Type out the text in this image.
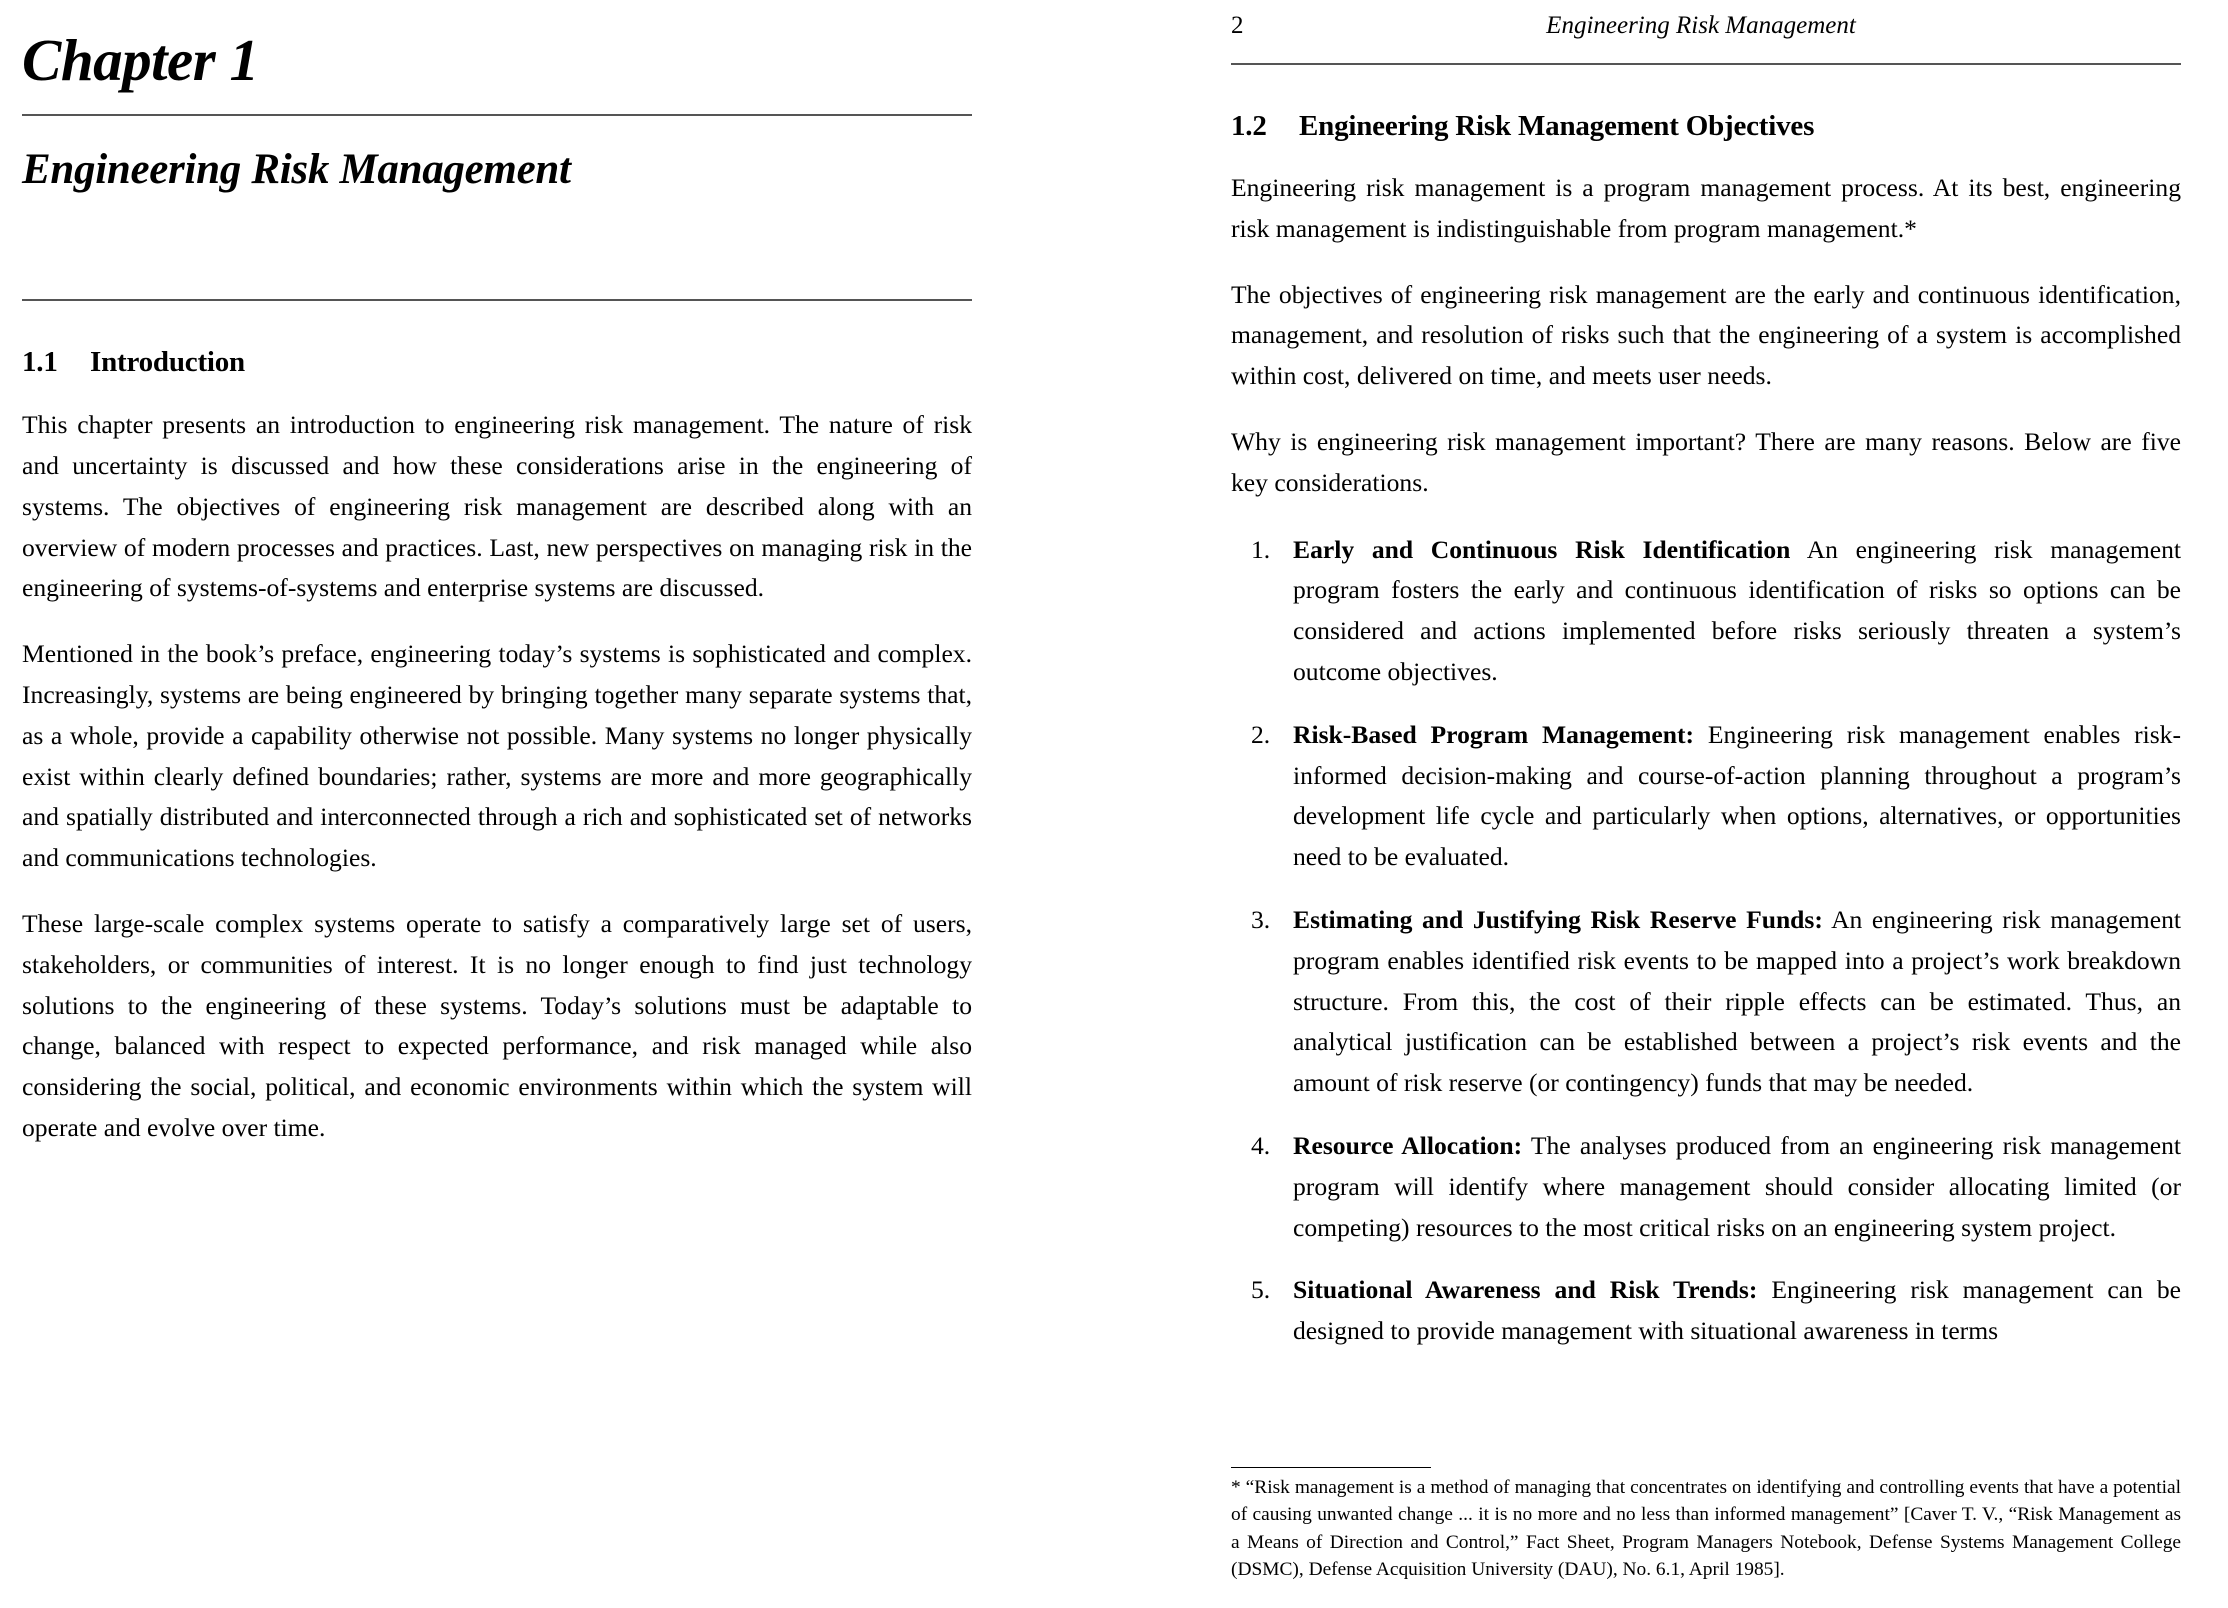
Chapter 1
Engineering Risk Management
1.1 Introduction

This chapter presents an introduction to engineering risk management. The nature of risk and uncertainty is discussed and how these considerations arise in the engineering of systems. The objectives of engineering risk management are described along with an overview of modern processes and practices. Last, new perspectives on managing risk in the engineering of systems-of-systems and enterprise systems are discussed.

Mentioned in the book’s preface, engineering today’s systems is sophisticated and complex. Increasingly, systems are being engineered by bringing together many separate systems that, as a whole, provide a capability otherwise not possible. Many systems no longer physically exist within clearly defined boundaries; rather, systems are more and more geographically and spatially distributed and interconnected through a rich and sophisticated set of networks and communications technologies.

These large-scale complex systems operate to satisfy a comparatively large set of users, stakeholders, or communities of interest. It is no longer enough to find just technology solutions to the engineering of these systems. Today’s solutions must be adaptable to change, balanced with respect to expected performance, and risk managed while also considering the social, political, and economic environments within which the system will operate and evolve over time.

2	Engineering Risk Management
1.2 Engineering Risk Management Objectives

Engineering risk management is a program management process. At its best, engineering risk management is indistinguishable from program management.*

The objectives of engineering risk management are the early and continuous identification, management, and resolution of risks such that the engineering of a system is accomplished within cost, delivered on time, and meets user needs.

Why is engineering risk management important? There are many reasons. Below are five key considerations.

Early and Continuous Risk Identification An engineering risk management program fosters the early and continuous identification of risks so options can be considered and actions implemented before risks seriously threaten a system’s outcome objectives.
Risk-Based Program Management: Engineering risk management enables risk-informed decision-making and course-of-action planning throughout a program’s development life cycle and particularly when options, alternatives, or opportunities need to be evaluated.
Estimating and Justifying Risk Reserve Funds: An engineering risk management program enables identified risk events to be mapped into a project’s work breakdown structure. From this, the cost of their ripple effects can be estimated. Thus, an analytical justification can be established between a project’s risk events and the amount of risk reserve (or contingency) funds that may be needed.
Resource Allocation: The analyses produced from an engineering risk management program will identify where management should consider allocating limited (or competing) resources to the most critical risks on an engineering system project.
Situational Awareness and Risk Trends: Engineering risk management can be designed to provide management with situational awareness in terms

* “Risk management is a method of managing that concentrates on identifying and controlling events that have a potential of causing unwanted change ... it is no more and no less than informed management” [Caver T. V., “Risk Management as a Means of Direction and Control,” Fact Sheet, Program Managers Notebook, Defense Systems Management College (DSMC), Defense Acquisition University (DAU), No. 6.1, April 1985].
